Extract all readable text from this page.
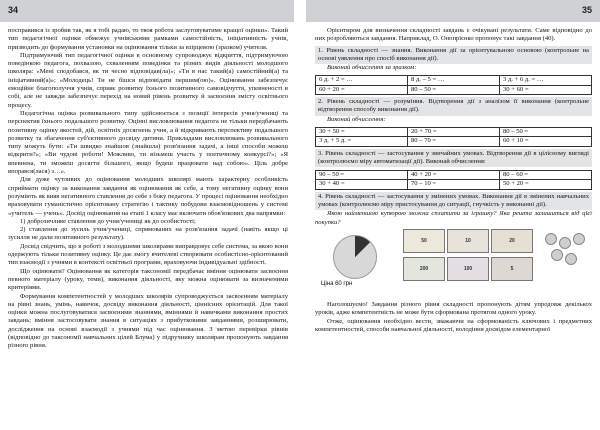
34	35

посправився із зробив так, як я тобі радаю, то твоя робота заслуговуватиме кращої оцінки». Такий тип педагогічної оцінки обмежує учнівськими рамками самостійність, ініціативність учнів, призводить до формування установки на оцінювання тільки за взірцевою (зразком) учителя.

Підтримуючий тип педагогічної оцінки в основному супроводжує відкриття, підтримуючою поведінкою педагога, похвалою, схваленням поведінки та різних видів діяльності молодшого школяра: «Мені сподобався, як ти чесно відповідав(ла)»; «Ти в нас такий(а) самостійний(а) та ініціативний(а)»; «Молодець! Ти не бішся відповідати першим(ою)». Оцінювання забезпечує емоційне благополуччя учнів, сприяє розвитку їхнього позитивного самовідчуття, упевненості в собі, але не завжди забезпечує перехід на новий рівень розвитку й засвоєння змісту освітнього процесу.

Педагогічна оцінка розвивального типу здійснюється з позиції інтересів учня/учениці та перспектив їхнього подальшого розвитку. Оцінні висловлювання педагога не тільки передбачають позитивну оцінку якостей, дій, освітніх досягнень учня, а й відкривають перспективу подальшого розвитку та збагачення суб'єктивного досвіду дитини. Прикладами висловлювань розвивального типу можуть бути: «Ти швидко знайшов (знайшла) розв'язання задачі, а інші способи можеш відкрити?»; «Ви чудові роботи! Можливо, ти візьмеш участь у поетичному конкурсі?»; «Я впевнена, ти зможеш досягти більшого, якщо будеш працювати над собою». Ціль добре впорався(лася) з…».

Для дуже чутливих до оцінювання молодших школярі мають характерну особливість сприймати оцінку за виконання завдання як оцінювання як себе, а тому негативну оцінку вони розуміють як вияв негативного ставлення до себе з боку педагога. У процесі оцінювання необхідно враховувати гуманістично орієнтовану стратегію і тактику побудови взаємовідношень у системі «учитель — учень». Досвід оцінювання на етапі 1 класу має включати обов'язкових два напрямки:

1) доброзичливе ставлення до учня/учениці як до особистості;

2) ставлення до зусиль учня/учениці, спрямованих на розв'язання задачі (навіть якщо ці зусилля не дали позитивного результату).

Досвід свідчить, що в роботі з молодшими школярами виправдовує себе система, за якою вони одержують тільки позитивну оцінку. Це дає змогу вчителеві створювати особистісно-орієнтований тип взаємодії з учнями в контексті освітньої програми, враховуючи індивідуальні здібності.

Що оцінювати? Оцінювання як категорія таксономії передбачає вміння оцінювати засвоєння певного матеріалу (уроку, теми), виконання діяльності, яку можна оцінювати за визначеними критеріями.

Формування компетентностей у молодших школярів супроводжується засвоєнням матеріалу на рівні знань, умінь, навичок, досвіду виконання діяльності, ціннісних орієнтацій. Для такої оцінки можна послуговуватися засвоєними знаннями, вміннями й навичками виконання простих завдань; вміння застосовувати знання в ситуаціях з прибутковими завданнями, розширювати, дослідження на основі взаємодії з учнями під час оцінювання. З метою перевірки рівнів (відповідно до таксономії навчальних цілей Блума) у підручнику школярам пропонують завдання різного рівня.

Орієнтиром для визначення складності завдань є очікувані результати. Саме відповідно до них розробляються завдання. Наприклад, О. Онопрієнко пропонує такі завдання (40).

1. Рівень складності — знання. Виконання дії за орієнтувальною основою (контрольне на основі уявлення про спосіб виконання дії).

Виконай обчислення за зразком:

6 д. + 2 = …	8 д. – 5 = …	3 д. + 6 д. = …
60 + 20 =	80 – 50 =	30 + 60 =

2. Рівень складності — розуміння. Відтворення дії з аналізом її виконання (контрольне відтворення способу виконання дії).

Виконай обчислення:

30 + 50 =	20 + 70 =	80 – 50 =
3 д. + 5 д. =	80 – 70 =	60 + 10 =

3. Рівень складності — застосування у звичайних умовах. Відтворення дії в цілісному вигляді (контролюємо міру автоматизації дії). Виконай обчислення:

90 – 50 =	40 + 20 =	80 – 60 =
30 + 40 =	70 – 10 =	50 + 20 =

4. Рівень складності — застосування у змінених умовах. Виконання дії в змінених навчальних умовах (контролюємо міру пристосування до ситуації, гнучкість у виконанні дії).

Якою найменшою купюрою можна сплатити за іграшку? Яка решта залишиться від цієї покупки?

Ціна 60 грн
50	10	20
200	100	5

Наголошуємо! Завдання різного рівня складності пропонують дітям упродовж декількох уроків, адже компетентність не може бути сформована протягом одного уроку.

Отже, оцінювання необхідно вести, зважаючи на сформованість ключових і предметних компетентностей, способи навчальної діяльності, володіння досвідом елементарної
